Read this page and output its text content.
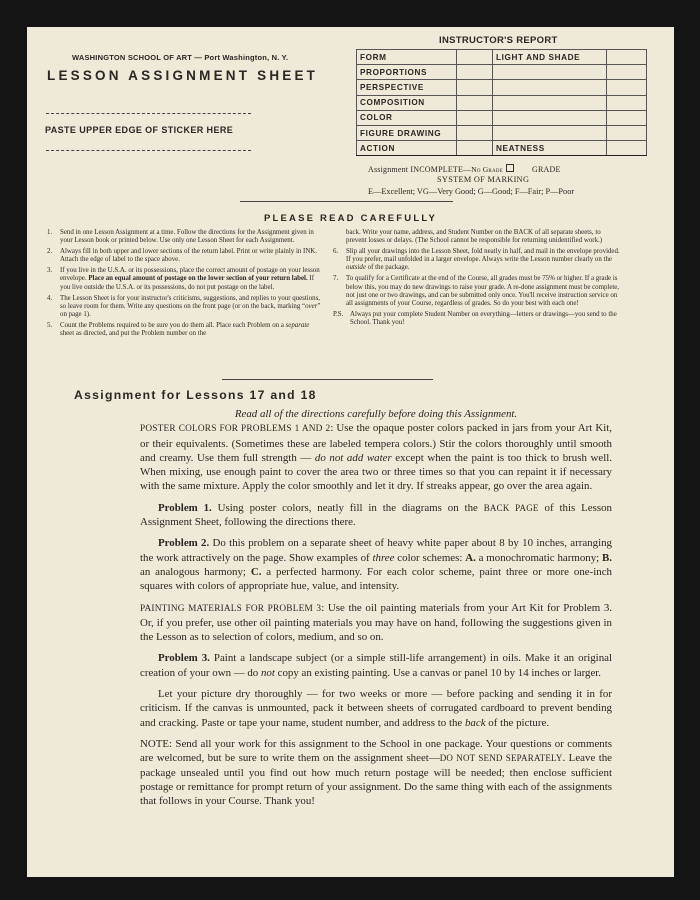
WASHINGTON SCHOOL OF ART — Port Washington, N. Y.
LESSON ASSIGNMENT SHEET
PASTE UPPER EDGE OF STICKER HERE
INSTRUCTOR'S REPORT
FORM		LIGHT AND SHADE	
PROPORTIONS			
PERSPECTIVE			
COMPOSITION			
COLOR			
FIGURE DRAWING			
ACTION		NEATNESS	
Assignment INCOMPLETE—No Grade	GRADE
SYSTEM OF MARKING
E—Excellent; VG—Very Good; G—Good; F—Fair; P—Poor
PLEASE READ CAREFULLY
1.	Send in one Lesson Assignment at a time. Follow the directions for the Assignment given in your Lesson book or printed below. Use only one Lesson Sheet for each Assignment.
2.	Always fill in both upper and lower sections of the return label. Print or write plainly in INK. Attach the edge of label to the space above.
3.	If you live in the U.S.A. or its possessions, place the correct amount of postage on your lesson envelope. Place an equal amount of postage on the lower section of your return label. If you live outside the U.S.A. or its possessions, do not put postage on the label.
4.	The Lesson Sheet is for your instructor's criticisms, suggestions, and replies to your questions, so leave room for them. Write any questions on the front page (or on the back, marking “over” on page 1).
5.	Count the Problems required to be sure you do them all. Place each Problem on a separate sheet as directed, and put the Problem number on the
back. Write your name, address, and Student Number on the BACK of all separate sheets, to prevent losses or delays. (The School cannot be responsible for returning unidentified work.)
6.	Slip all your drawings into the Lesson Sheet, fold neatly in half, and mail in the envelope provided. If you prefer, mail unfolded in a larger envelope. Always write the Lesson number clearly on the outside of the package.
7.	To qualify for a Certificate at the end of the Course, all grades must be 75% or higher. If a grade is below this, you may do new drawings to raise your grade. A re-done assignment must be complete, not just one or two drawings, and can be submitted only once. You'll receive instruction service on all assignments of your Course, regardless of grades. So do your best with each one!
P.S. Always put your complete Student Number on everything—letters or drawings—you send to the School. Thank you!
Assignment for Lessons 17 and 18

Read all of the directions carefully before doing this Assignment.

POSTER COLORS FOR PROBLEMS 1 AND 2: Use the opaque poster colors packed in jars from your Art Kit, or their equivalents. (Sometimes these are labeled tempera colors.) Stir the colors thoroughly until smooth and creamy. Use them full strength — do not add water except when the paint is too thick to brush well. When mixing, use enough paint to cover the area two or three times so that you can repaint it if necessary with the same mixture. Apply the color smoothly and let it dry. If streaks appear, go over the area again.

Problem 1. Using poster colors, neatly fill in the diagrams on the BACK PAGE of this Lesson Assignment Sheet, following the directions there.

Problem 2. Do this problem on a separate sheet of heavy white paper about 8 by 10 inches, arranging the work attractively on the page. Show examples of three color schemes: A. a monochromatic harmony; B. an analogous harmony; C. a perfected harmony. For each color scheme, paint three or more one-inch squares with colors of appropriate hue, value, and intensity.

PAINTING MATERIALS FOR PROBLEM 3: Use the oil painting materials from your Art Kit for Problem 3. Or, if you prefer, use other oil painting materials you may have on hand, following the suggestions given in the Lesson as to selection of colors, medium, and so on.

Problem 3. Paint a landscape subject (or a simple still-life arrangement) in oils. Make it an original creation of your own — do not copy an existing painting. Use a canvas or panel 10 by 14 inches or larger.

Let your picture dry thoroughly — for two weeks or more — before packing and sending it in for criticism. If the canvas is unmounted, pack it between sheets of corrugated cardboard to prevent bending and cracking. Paste or tape your name, student number, and address to the back of the picture.

NOTE: Send all your work for this assignment to the School in one package. Your questions or comments are welcomed, but be sure to write them on the assignment sheet—DO NOT SEND SEPARATELY. Leave the package unsealed until you find out how much return postage will be needed; then enclose sufficient postage or remittance for prompt return of your assignment. Do the same thing with each of the assignments that follows in your Course. Thank you!
